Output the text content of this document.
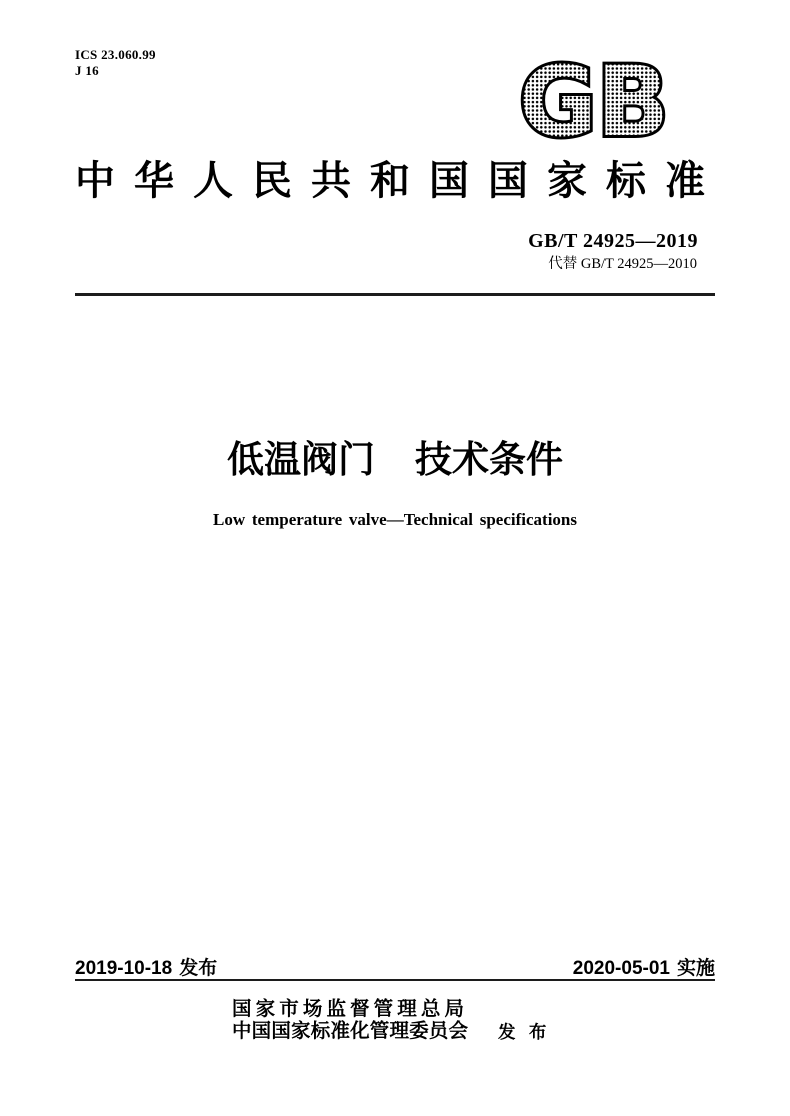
ICS 23.060.99
J 16	GB
中华人民共和国国家标准
GB/T 24925—2019
代替 GB/T 24925—2010
低温阀门 技术条件
Low temperature valve—Technical specifications
2019-10-18 发布	2020-05-01 实施
国家市场监督管理总局
中国国家标准化管理委员会 发 布
